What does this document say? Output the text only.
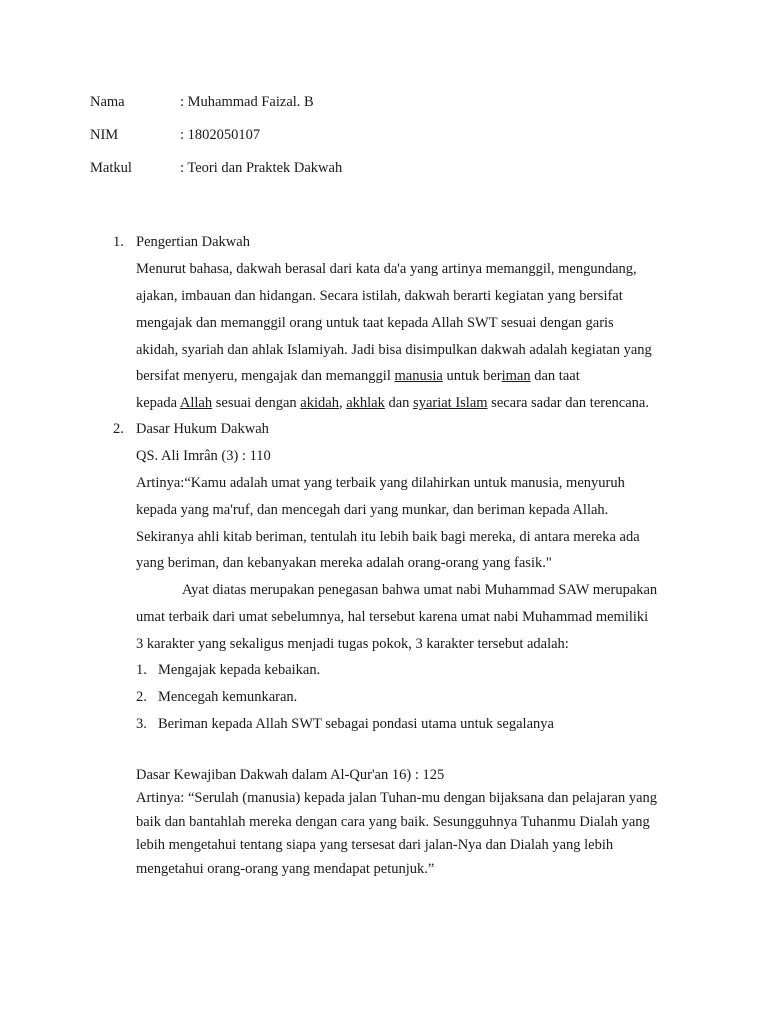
Nama	: Muhammad Faizal. B
NIM	: 1802050107
Matkul	: Teori dan Praktek Dakwah
1. Pengertian Dakwah
Menurut bahasa, dakwah berasal dari kata da'a yang artinya memanggil, mengundang,
ajakan, imbauan dan hidangan. Secara istilah, dakwah berarti kegiatan yang bersifat
mengajak dan memanggil orang untuk taat kepada Allah SWT sesuai dengan garis
akidah, syariah dan ahlak Islamiyah. Jadi bisa disimpulkan dakwah adalah kegiatan yang
bersifat menyeru, mengajak dan memanggil manusia untuk beriman dan taat
kepada Allah sesuai dengan akidah, akhlak dan syariat Islam secara sadar dan terencana.
2. Dasar Hukum Dakwah
QS. Ali Imrân (3) : 110
Artinya:“Kamu adalah umat yang terbaik yang dilahirkan untuk manusia, menyuruh
kepada yang ma'ruf, dan mencegah dari yang munkar, dan beriman kepada Allah.
Sekiranya ahli kitab beriman, tentulah itu lebih baik bagi mereka, di antara mereka ada
yang beriman, dan kebanyakan mereka adalah orang-orang yang fasik."
Ayat diatas merupakan penegasan bahwa umat nabi Muhammad SAW merupakan
umat terbaik dari umat sebelumnya, hal tersebut karena umat nabi Muhammad memiliki
3 karakter yang sekaligus menjadi tugas pokok, 3 karakter tersebut adalah:
1. Mengajak kepada kebaikan.
2. Mencegah kemunkaran.
3. Beriman kepada Allah SWT sebagai pondasi utama untuk segalanya
Dasar Kewajiban Dakwah dalam Al-Qur'an 16) : 125
Artinya: “Serulah (manusia) kepada jalan Tuhan-mu dengan bijaksana dan pelajaran yang
baik dan bantahlah mereka dengan cara yang baik. Sesungguhnya Tuhanmu Dialah yang
lebih mengetahui tentang siapa yang tersesat dari jalan-Nya dan Dialah yang lebih
mengetahui orang-orang yang mendapat petunjuk.”
